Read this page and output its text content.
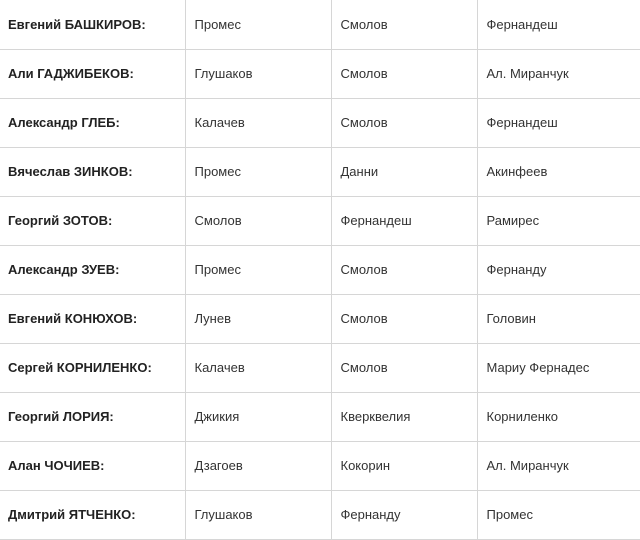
Евгений БАШКИРОВ:	Промес	Смолов	Фернандеш
Али ГАДЖИБЕКОВ:	Глушаков	Смолов	Ал. Миранчук
Александр ГЛЕБ:	Калачев	Смолов	Фернандеш
Вячеслав ЗИНКОВ:	Промес	Данни	Акинфеев
Георгий ЗОТОВ:	Смолов	Фернандеш	Рамирес
Александр ЗУЕВ:	Промес	Смолов	Фернанду
Евгений КОНЮХОВ:	Лунев	Смолов	Головин
Сергей КОРНИЛЕНКО:	Калачев	Смолов	Мариу Фернадес
Георгий ЛОРИЯ:	Джикия	Кверквелия	Корниленко
Алан ЧОЧИЕВ:	Дзагоев	Кокорин	Ал. Миранчук
Дмитрий ЯТЧЕНКО:	Глушаков	Фернанду	Промес
